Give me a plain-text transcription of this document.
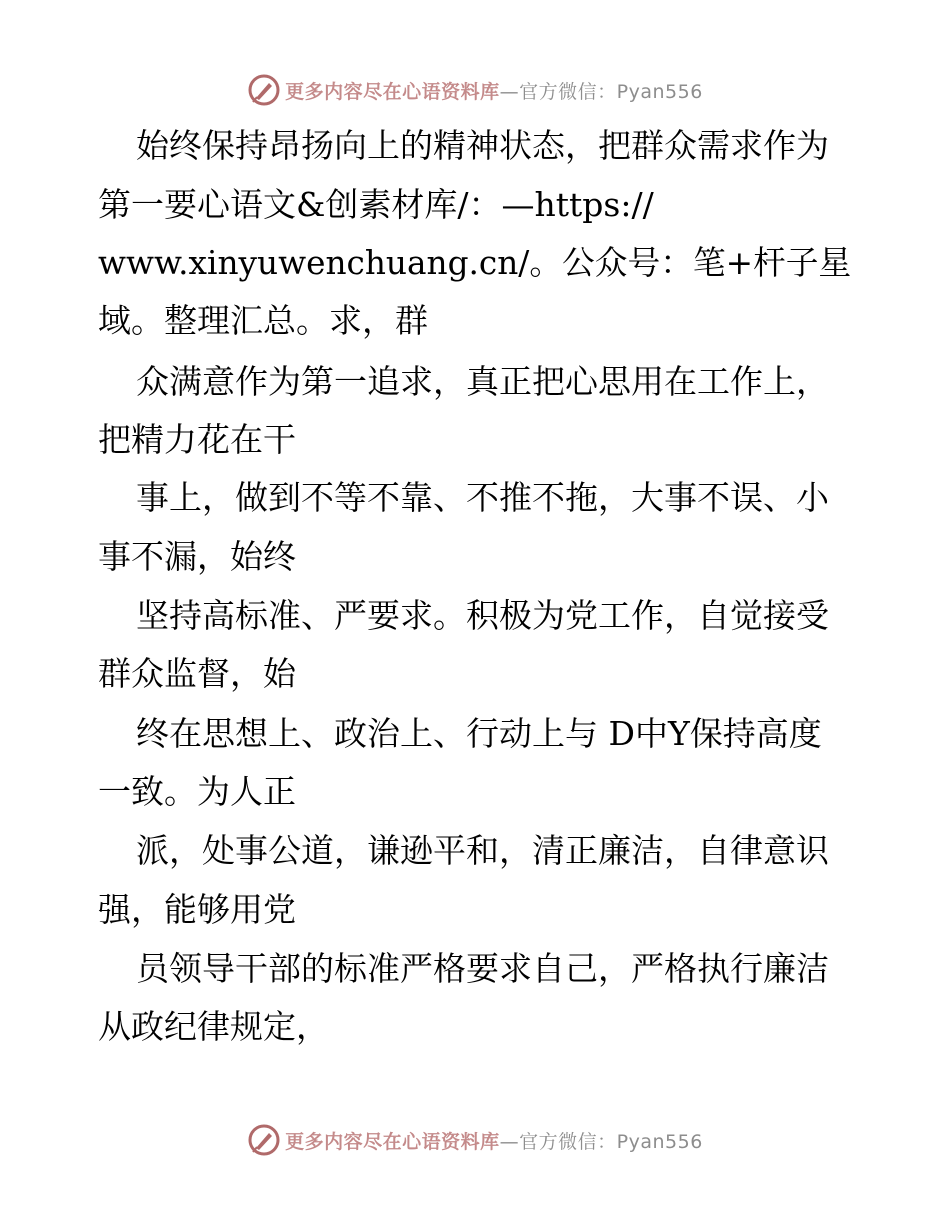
更多内容尽在心语资料库 —官方微信：Pyan556
始终保持昂扬向上的精神状态，把群众需求作为
第一要心语文&创素材库/：—https://
www.xinyuwenchuang.cn/。公众号：笔+杆子星
域。整理汇总。求，群
众满意作为第一追求，真正把心思用在工作上，
把精力花在干
事上，做到不等不靠、不推不拖，大事不误、小
事不漏，始终
坚持高标准、严要求。积极为党工作，自觉接受
群众监督，始
终在思想上、政治上、行动上与 D中Y保持高度
一致。为人正
派，处事公道，谦逊平和，清正廉洁，自律意识
强，能够用党
员领导干部的标准严格要求自己，严格执行廉洁
从政纪律规定，
更多内容尽在心语资料库 —官方微信：Pyan556
